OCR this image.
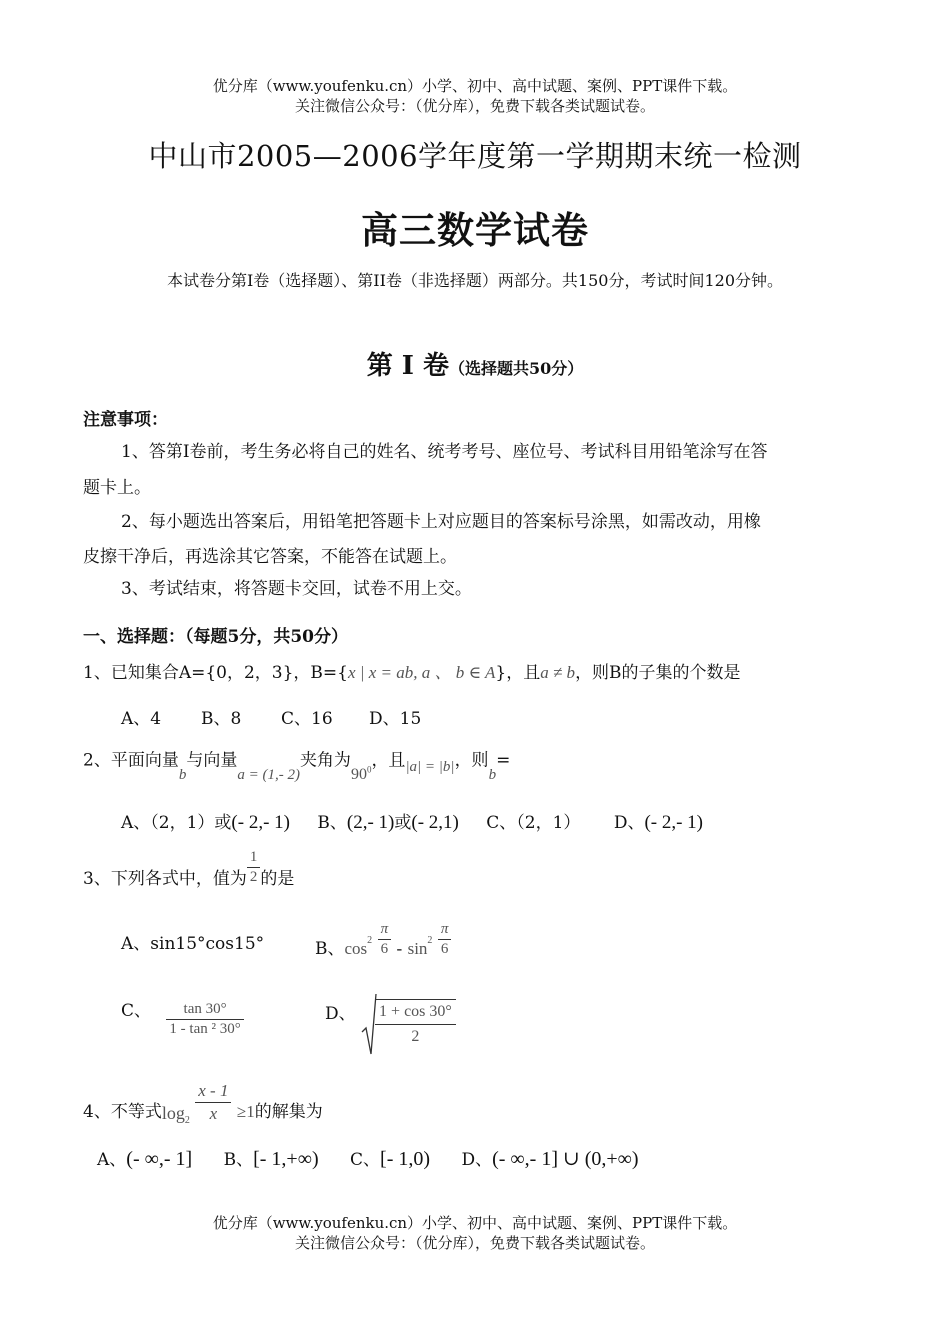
优分库（www.youfenku.cn）小学、初中、高中试题、案例、PPT课件下载。
关注微信公众号：（优分库），免费下载各类试题试卷。
中山市2005—2006学年度第一学期期末统一检测
高三数学试卷
本试卷分第I卷（选择题）、第II卷（非选择题）两部分。共150分，考试时间120分钟。
第 I 卷（选择题共50分）
注意事项：
1、答第I卷前，考生务必将自己的姓名、统考考号、座位号、考试科目用铅笔涂写在答
题卡上。
2、每小题选出答案后，用铅笔把答题卡上对应题目的答案标号涂黑，如需改动，用橡
皮擦干净后，再选涂其它答案，不能答在试题上。
3、考试结束，将答题卡交回，试卷不用上交。
一、选择题：（每题5分，共50分）
1、已知集合A={0，2，3}，B={x | x = ab, a 、 b ∈ A}，且a ≠ b，则B的子集的个数是
A、4 B、8 C、16 D、15
2、平面向量b与向量a = (1,- 2)夹角为$90^0$，且|a| = |b|，则b=
A、（2，1）或(- 2,- 1) B、(2,- 1)或(- 2,1) C、（2，1） D、(- 2,- 1)
3、下列各式中，值为 $\frac{1}{2}$ 的是
A、sin15°cos15°	B、$\cos^2 \frac{\pi}{6} - \sin^2 \frac{\pi}{6}$
C、 $\frac{\tan 30^\circ}{\text{1 - tan ² 30°}}$	D、 $\frac{1 + \cos 30^\circ}{2}$
4、不等式$\log_2 \frac{x - 1}{x} \ge 1$的解集为
A、(- ∞,- 1] B、[- 1,+∞) C、[- 1,0) D、(- ∞,- 1] ∪ (0,+∞)
优分库（www.youfenku.cn）小学、初中、高中试题、案例、PPT课件下载。
关注微信公众号：（优分库），免费下载各类试题试卷。
